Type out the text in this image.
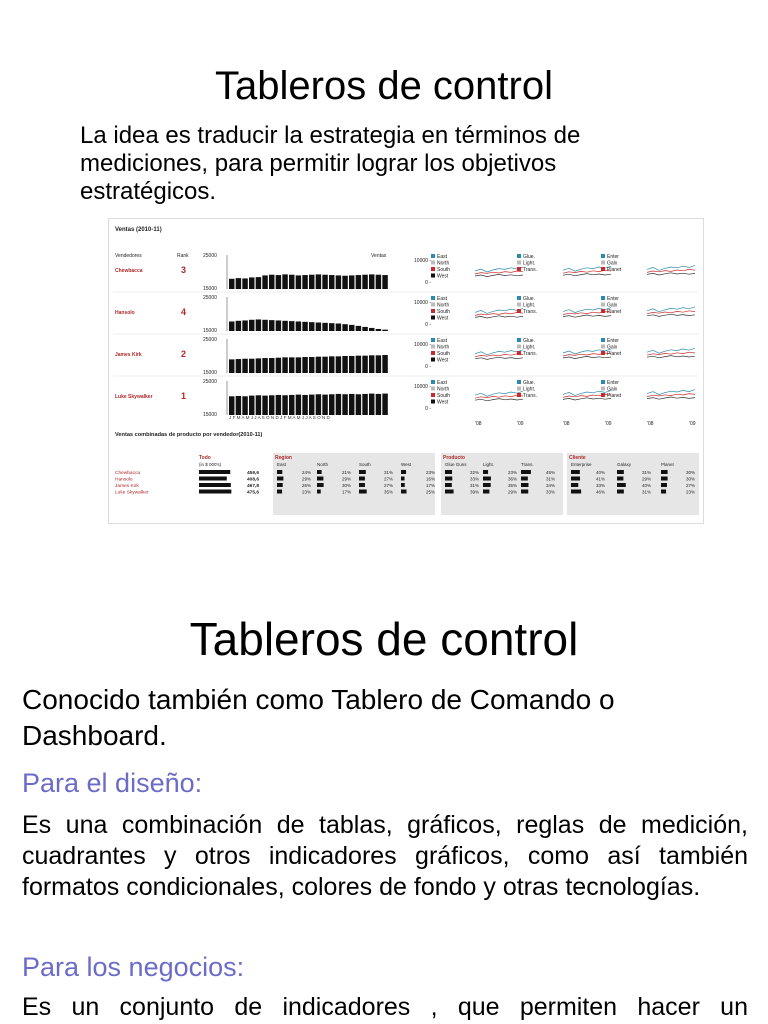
Tableros de control

La idea es traducir la estrategia en términos de mediciones, para permitir lograr los objetivos estratégicos.

Ventas (2010-11)
Vendedores	Rank	Ventas
Chewbacca	3
25000
15000
10000 -
0 -
East
North
South
West
Glue.
Light.
Trans.
Enter
Galx
Planet
Hansolo	4
25000
15000
10000 -
0 -
East
North
South
West
Glue.
Light.
Trans.
Enter
Galx
Planet
James Kirk	2
25000
15000
10000 -
0 -
East
North
South
West
Glue.
Light.
Trans.
Enter
Galx
Planet
Luke Skywalker	1
25000
15000
10000 -
0 -
East
North
South
West
Glue.
Light.
Trans.
Enter
Galx
Planet
J F M A M J J A S O N D J F M A M J J A S O N D
'08	'09	'08	'09	'08	'09
Ventas combinadas de producto por vendedor(2010-11)
Todo
(in $ 000's)
Region	Producto	Cliente
East	North	South	West	Glue Guns	Light.	Trans.	Enterprise	Galaxy	Planet
Chewbacca	459,6	24%	21%	31%	23%	32%	23%	45%	40%	31%	30%
Hansolo	408,6	29%	29%	27%	16%	33%	36%	31%	41%	29%	30%
James Kirk	467,8	26%	30%	27%	17%	31%	35%	34%	33%	40%	27%
Luke Skywalker	475,6	23%	17%	35%	25%	39%	29%	33%	46%	31%	23%
Tableros de control

Conocido también como Tablero de Comando o Dashboard.

Para el diseño:

Es una combinación de tablas, gráficos, reglas de medición, cuadrantes y otros indicadores gráficos, como así también formatos condicionales, colores de fondo y otras tecnologías.

Para los negocios:

Es un conjunto de indicadores , que permiten hacer un
